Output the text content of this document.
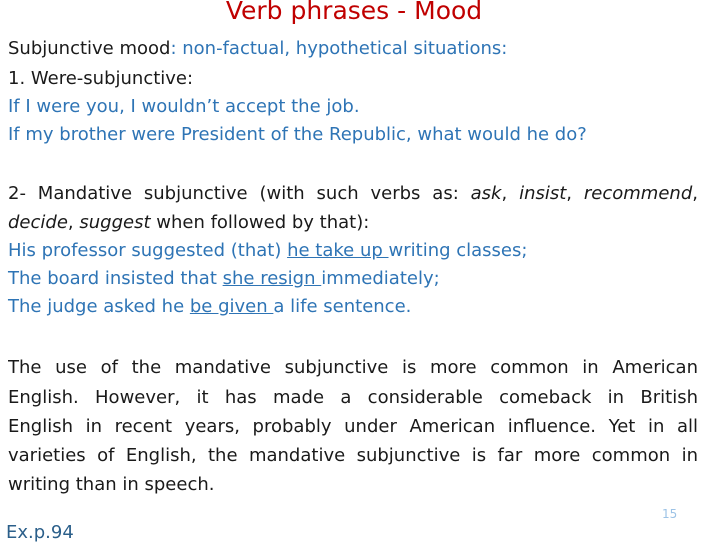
Verb phrases - Mood
Subjunctive mood: non-factual, hypothetical situations:
1. Were-subjunctive:
If I were you, I wouldn’t accept the job.
If my brother were President of the Republic, what would he do?
2- Mandative subjunctive (with such verbs as: ask, insist, recommend,
decide, suggest when followed by that):
His professor suggested (that) he take up writing classes;
The board insisted that she resign immediately;
The judge asked he be given a life sentence.
The use of the mandative subjunctive is more common in American
English. However, it has made a considerable comeback in British
English in recent years, probably under American influence. Yet in all
varieties of English, the mandative subjunctive is far more common in
writing than in speech.
Ex.p.94
15
